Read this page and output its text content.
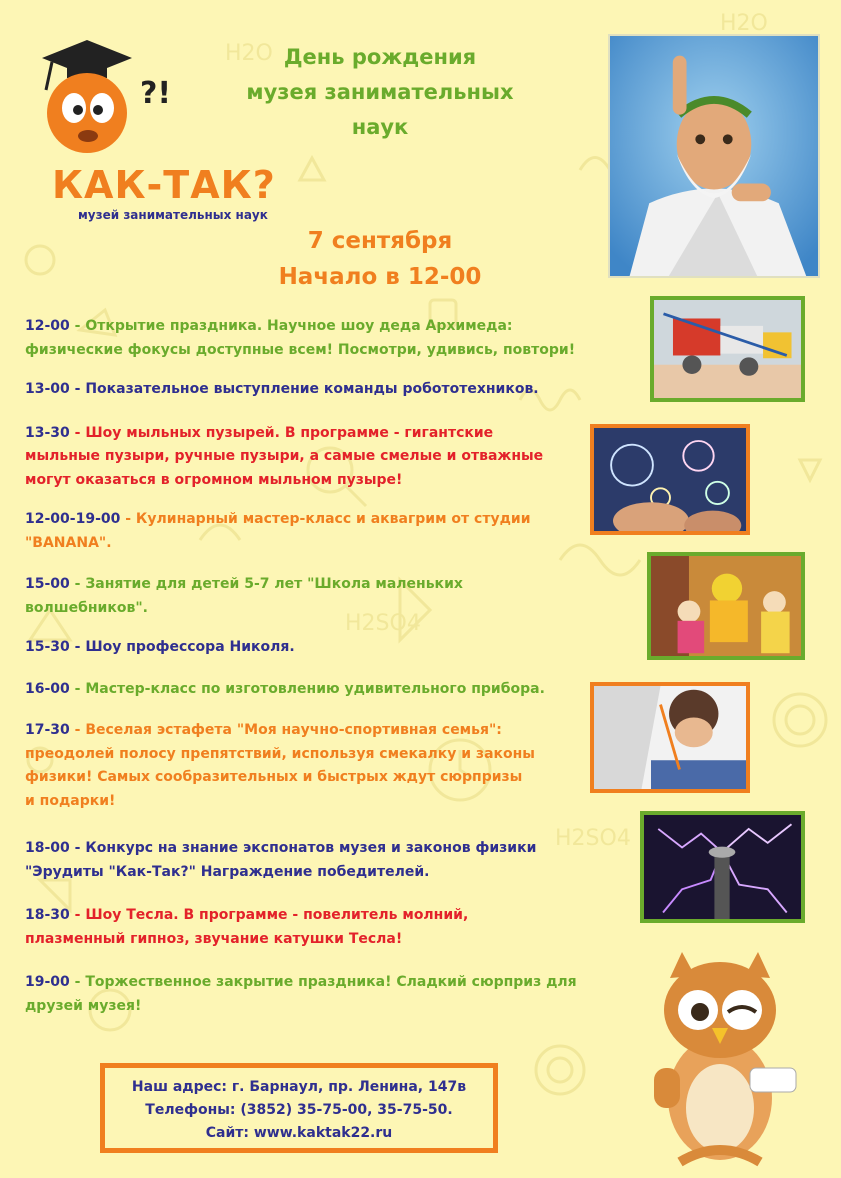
H2O
H2O
H2SO4
H2SO4
?!
КАК-ТАК?
музей занимательных наук
День рождения
музея занимательных
наук
7 сентября
Начало в 12-00

12-00 - Открытие праздника. Научное шоу деда Архимеда:
физические фокусы доступные всем! Посмотри, удивись, повтори!

13-00 - Показательное выступление команды робототехников.

13-30 - Шоу мыльных пузырей. В программе - гигантские
мыльные пузыри, ручные пузыри, а самые смелые и отважные могут оказаться в огромном мыльном пузыре!

12-00-19-00 - Кулинарный мастер-класс и аквагрим от студии
"BANANA".

15-00 - Занятие для детей 5-7 лет "Школа маленьких
волшебников".

15-30 - Шоу профессора Николя.

16-00 - Мастер-класс по изготовлению удивительного прибора.

17-30 - Веселая эстафета "Моя научно-спортивная семья":
преодолей полосу препятствий, используя смекалку и законы физики! Самых сообразительных и быстрых ждут сюрпризы и подарки!

18-00 - Конкурс на знание экспонатов музея и законов физики
"Эрудиты "Как-Так?" Награждение победителей.

18-30 - Шоу Тесла. В программе - повелитель молний,
плазменный гипноз, звучание катушки Тесла!

19-00 - Торжественное закрытие праздника! Сладкий сюрприз для
друзей музея!

Наш адрес: г. Барнаул, пр. Ленина, 147в
Телефоны: (3852) 35-75-00, 35-75-50.
Сайт: www.kaktak22.ru
